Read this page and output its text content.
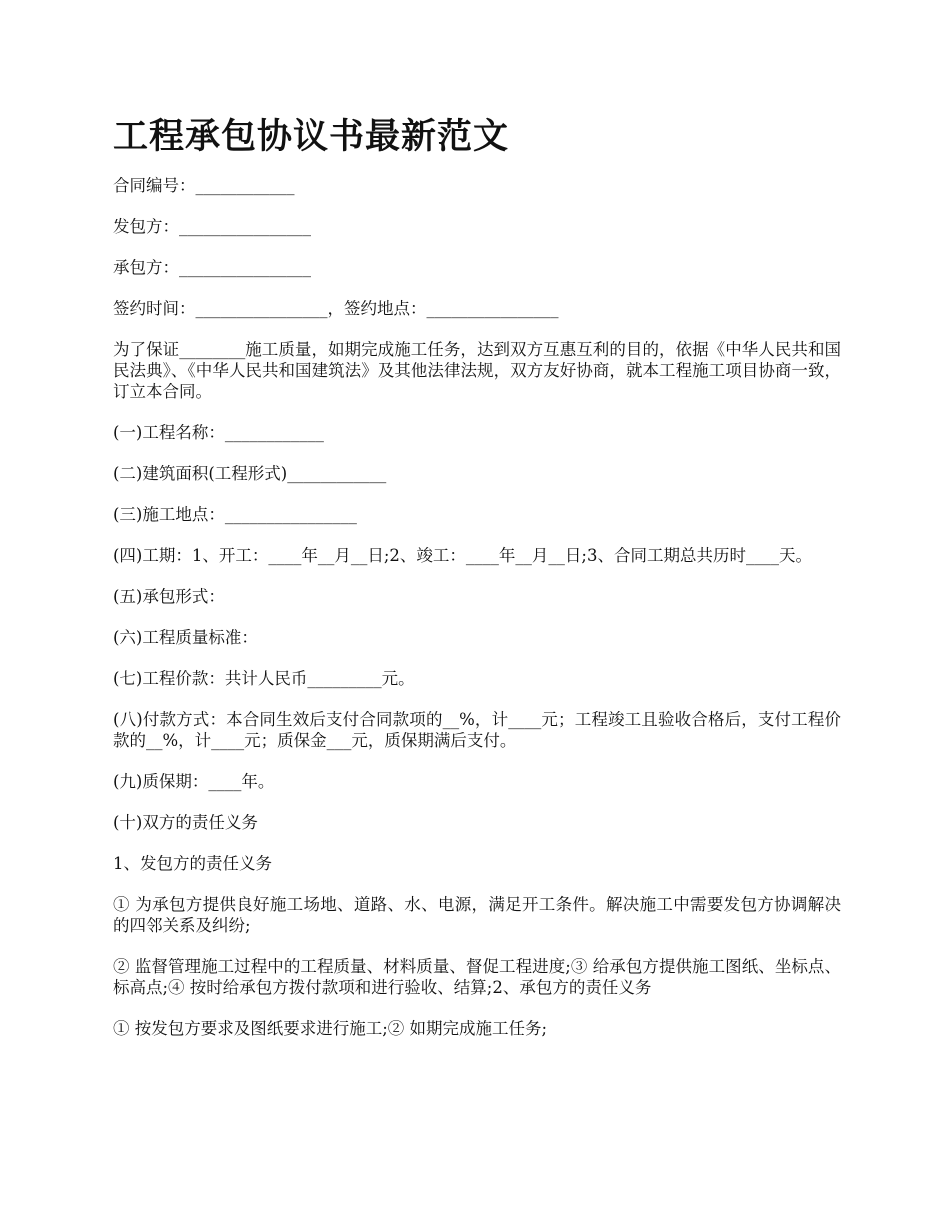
工程承包协议书最新范文

合同编号：____________

发包方：________________

承包方：________________

签约时间：________________，签约地点：________________

为了保证________施工质量，如期完成施工任务，达到双方互惠互利的目的，依据《中华人民共和国民法典》、《中华人民共和国建筑法》及其他法律法规，双方友好协商，就本工程施工项目协商一致，订立本合同。

(一)工程名称：____________

(二)建筑面积(工程形式)____________

(三)施工地点：________________

(四)工期：1、开工：____年__月__日;2、竣工：____年__月__日;3、合同工期总共历时____天。

(五)承包形式：

(六)工程质量标准：

(七)工程价款：共计人民币_________元。

(八)付款方式：本合同生效后支付合同款项的__%，计____元；工程竣工且验收合格后，支付工程价款的__%，计____元；质保金___元，质保期满后支付。

(九)质保期：____年。

(十)双方的责任义务

1、发包方的责任义务

① 为承包方提供良好施工场地、道路、水、电源，满足开工条件。解决施工中需要发包方协调解决的四邻关系及纠纷;

② 监督管理施工过程中的工程质量、材料质量、督促工程进度;③ 给承包方提供施工图纸、坐标点、标高点;④ 按时给承包方拨付款项和进行验收、结算;2、承包方的责任义务

① 按发包方要求及图纸要求进行施工;② 如期完成施工任务;
